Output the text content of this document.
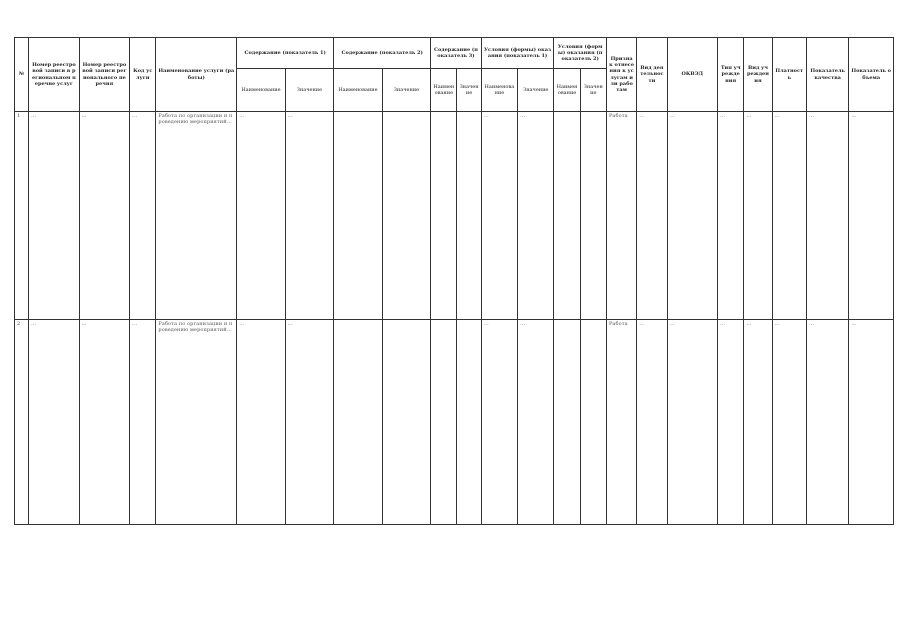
№	Номер реестровой записи в региональном перечне услуг	Номер реестровой записи регионального перечня	Код услуги	Наименование услуги (работы)	Содержание (показатель 1)		Содержание (показатель 2)		Содержание (показатель 3)		Условия (формы) оказания (показатель 1)		Условия (формы) оказания (показатель 2)		Признак отнесения к услугам или работам	Вид деятельности	ОКВЭД	Тип учреждения	Вид учреждения	Платность	Показатель качества	Показатель объема
					Наименование	Значение	Наименование	Значение	Наименование	Значение	Наименование	Значение	Наименование	Значение								
1	...	...	...	Работа по организации и проведению мероприятий...	...	...					...	...			Работа	...	...	...	...	...	...	...
2	...	...	...	Работа по организации и проведению мероприятий...	...	...					...	...			Работа	...	...	...	...	...	...	...
